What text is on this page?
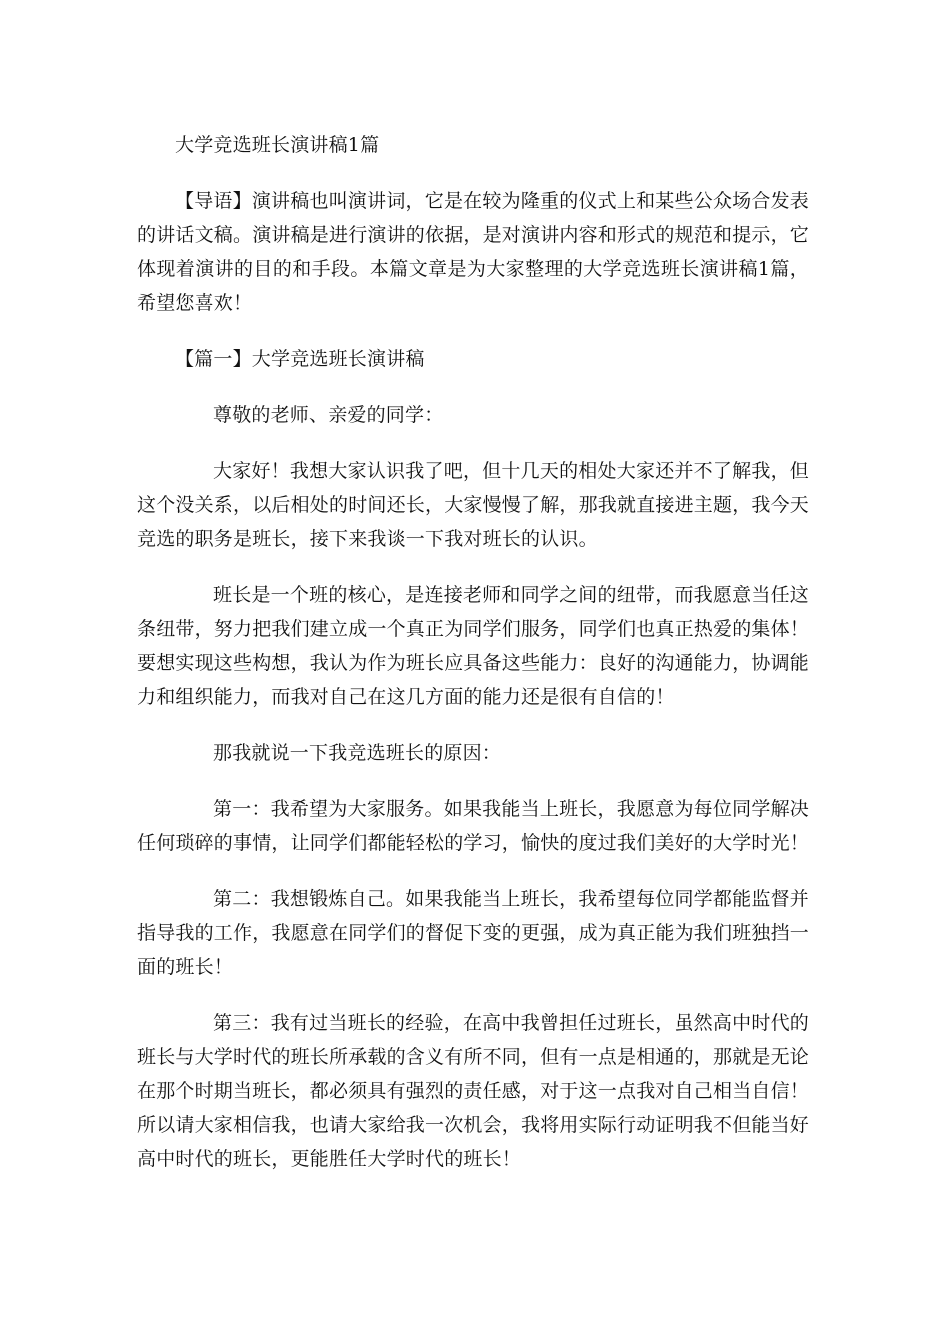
大学竞选班长演讲稿1篇

【导语】演讲稿也叫演讲词，它是在较为隆重的仪式上和某些公众场合发表

的讲话文稿。演讲稿是进行演讲的依据，是对演讲内容和形式的规范和提示，它

体现着演讲的目的和手段。本篇文章是为大家整理的大学竞选班长演讲稿1篇，

希望您喜欢！

【篇一】大学竞选班长演讲稿

尊敬的老师、亲爱的同学：

大家好！我想大家认识我了吧，但十几天的相处大家还并不了解我，但

这个没关系，以后相处的时间还长，大家慢慢了解，那我就直接进主题，我今天

竞选的职务是班长，接下来我谈一下我对班长的认识。

班长是一个班的核心，是连接老师和同学之间的纽带，而我愿意当任这

条纽带，努力把我们建立成一个真正为同学们服务，同学们也真正热爱的集体！

要想实现这些构想，我认为作为班长应具备这些能力：良好的沟通能力，协调能

力和组织能力，而我对自己在这几方面的能力还是很有自信的！

那我就说一下我竞选班长的原因：

第一：我希望为大家服务。如果我能当上班长，我愿意为每位同学解决

任何琐碎的事情，让同学们都能轻松的学习，愉快的度过我们美好的大学时光！

第二：我想锻炼自己。如果我能当上班长，我希望每位同学都能监督并

指导我的工作，我愿意在同学们的督促下变的更强，成为真正能为我们班独挡一

面的班长！

第三：我有过当班长的经验，在高中我曾担任过班长，虽然高中时代的

班长与大学时代的班长所承载的含义有所不同，但有一点是相通的，那就是无论

在那个时期当班长，都必须具有强烈的责任感，对于这一点我对自己相当自信！

所以请大家相信我，也请大家给我一次机会，我将用实际行动证明我不但能当好

高中时代的班长，更能胜任大学时代的班长！
